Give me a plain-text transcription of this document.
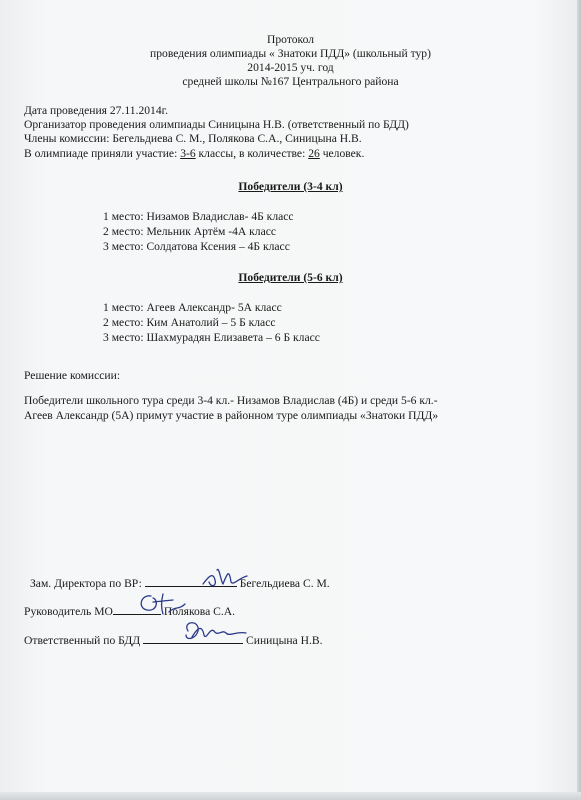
Протокол
проведения олимпиады « Знатоки ПДД» (школьный тур)
2014-2015 уч. год
средней школы №167 Центрального района
Дата проведения 27.11.2014г.
Организатор проведения олимпиады Синицына Н.В. (ответственный по БДД)
Члены комиссии: Бегельдиева С. М., Полякова С.А., Синицына Н.В.
В олимпиаде приняли участие: 3-6 классы, в количестве: 26 человек.
Победители (3-4 кл)
1 место: Низамов Владислав- 4Б класс
2 место: Мельник Артём -4А класс
3 место: Солдатова Ксения – 4Б класс
Победители (5-6 кл)
1 место: Агеев Александр- 5А класс
2 место: Ким Анатолий – 5 Б класс
3 место: Шахмурадян Елизавета – 6 Б класс
Решение комиссии:
Победители школьного тура среди 3-4 кл.- Низамов Владислав (4Б) и среди 5-6 кл.-
Агеев Александр (5А) примут участие в районном туре олимпиады «Знатоки ПДД»
Зам. Директора по ВР:	Бегельдиева С. М.
Руководитель МО	Полякова С.А.
Ответственный по БДД	Синицына Н.В.
